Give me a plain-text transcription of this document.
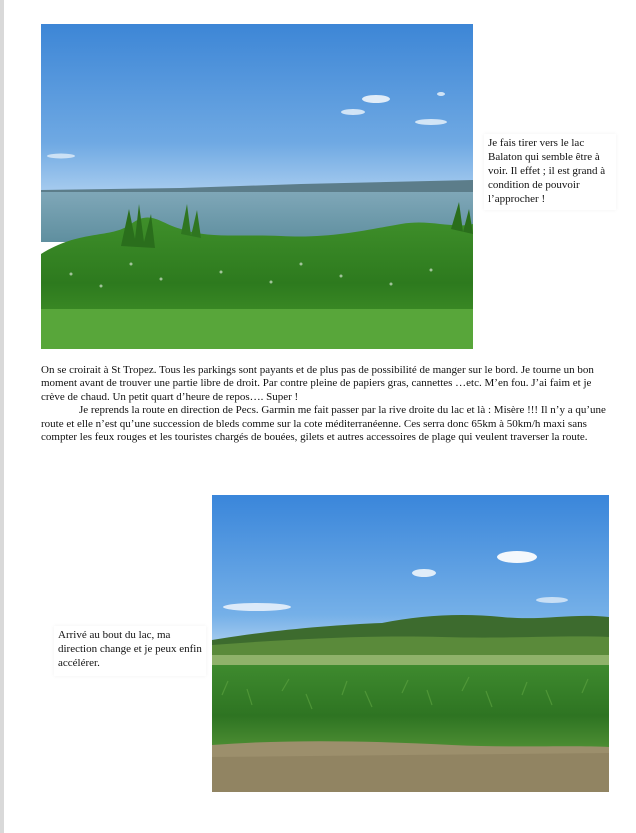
Je fais tirer vers le lac Balaton qui semble être à voir. Il effet ; il est grand à condition de pouvoir l’approcher !

On se croirait à St Tropez. Tous les parkings sont payants et de plus pas de possibilité de manger sur le bord. Je tourne un bon moment avant de trouver une partie libre de droit. Par contre pleine de papiers gras, cannettes …etc. M’en fou. J’ai faim et je crève de chaud. Un petit quart d’heure de repos…. Super !

Je reprends la route en direction de Pecs. Garmin me fait passer par la rive droite du lac et là : Misère !!! Il n’y a qu’une route et elle n’est qu’une succession de bleds comme sur la cote méditerranéenne. Ces serra donc 65km à 50km/h maxi sans compter les feux rouges et les touristes chargés de bouées, gilets et autres accessoires de plage qui veulent traverser la route.

Arrivé au bout du lac, ma direction change et je peux enfin accélérer.
